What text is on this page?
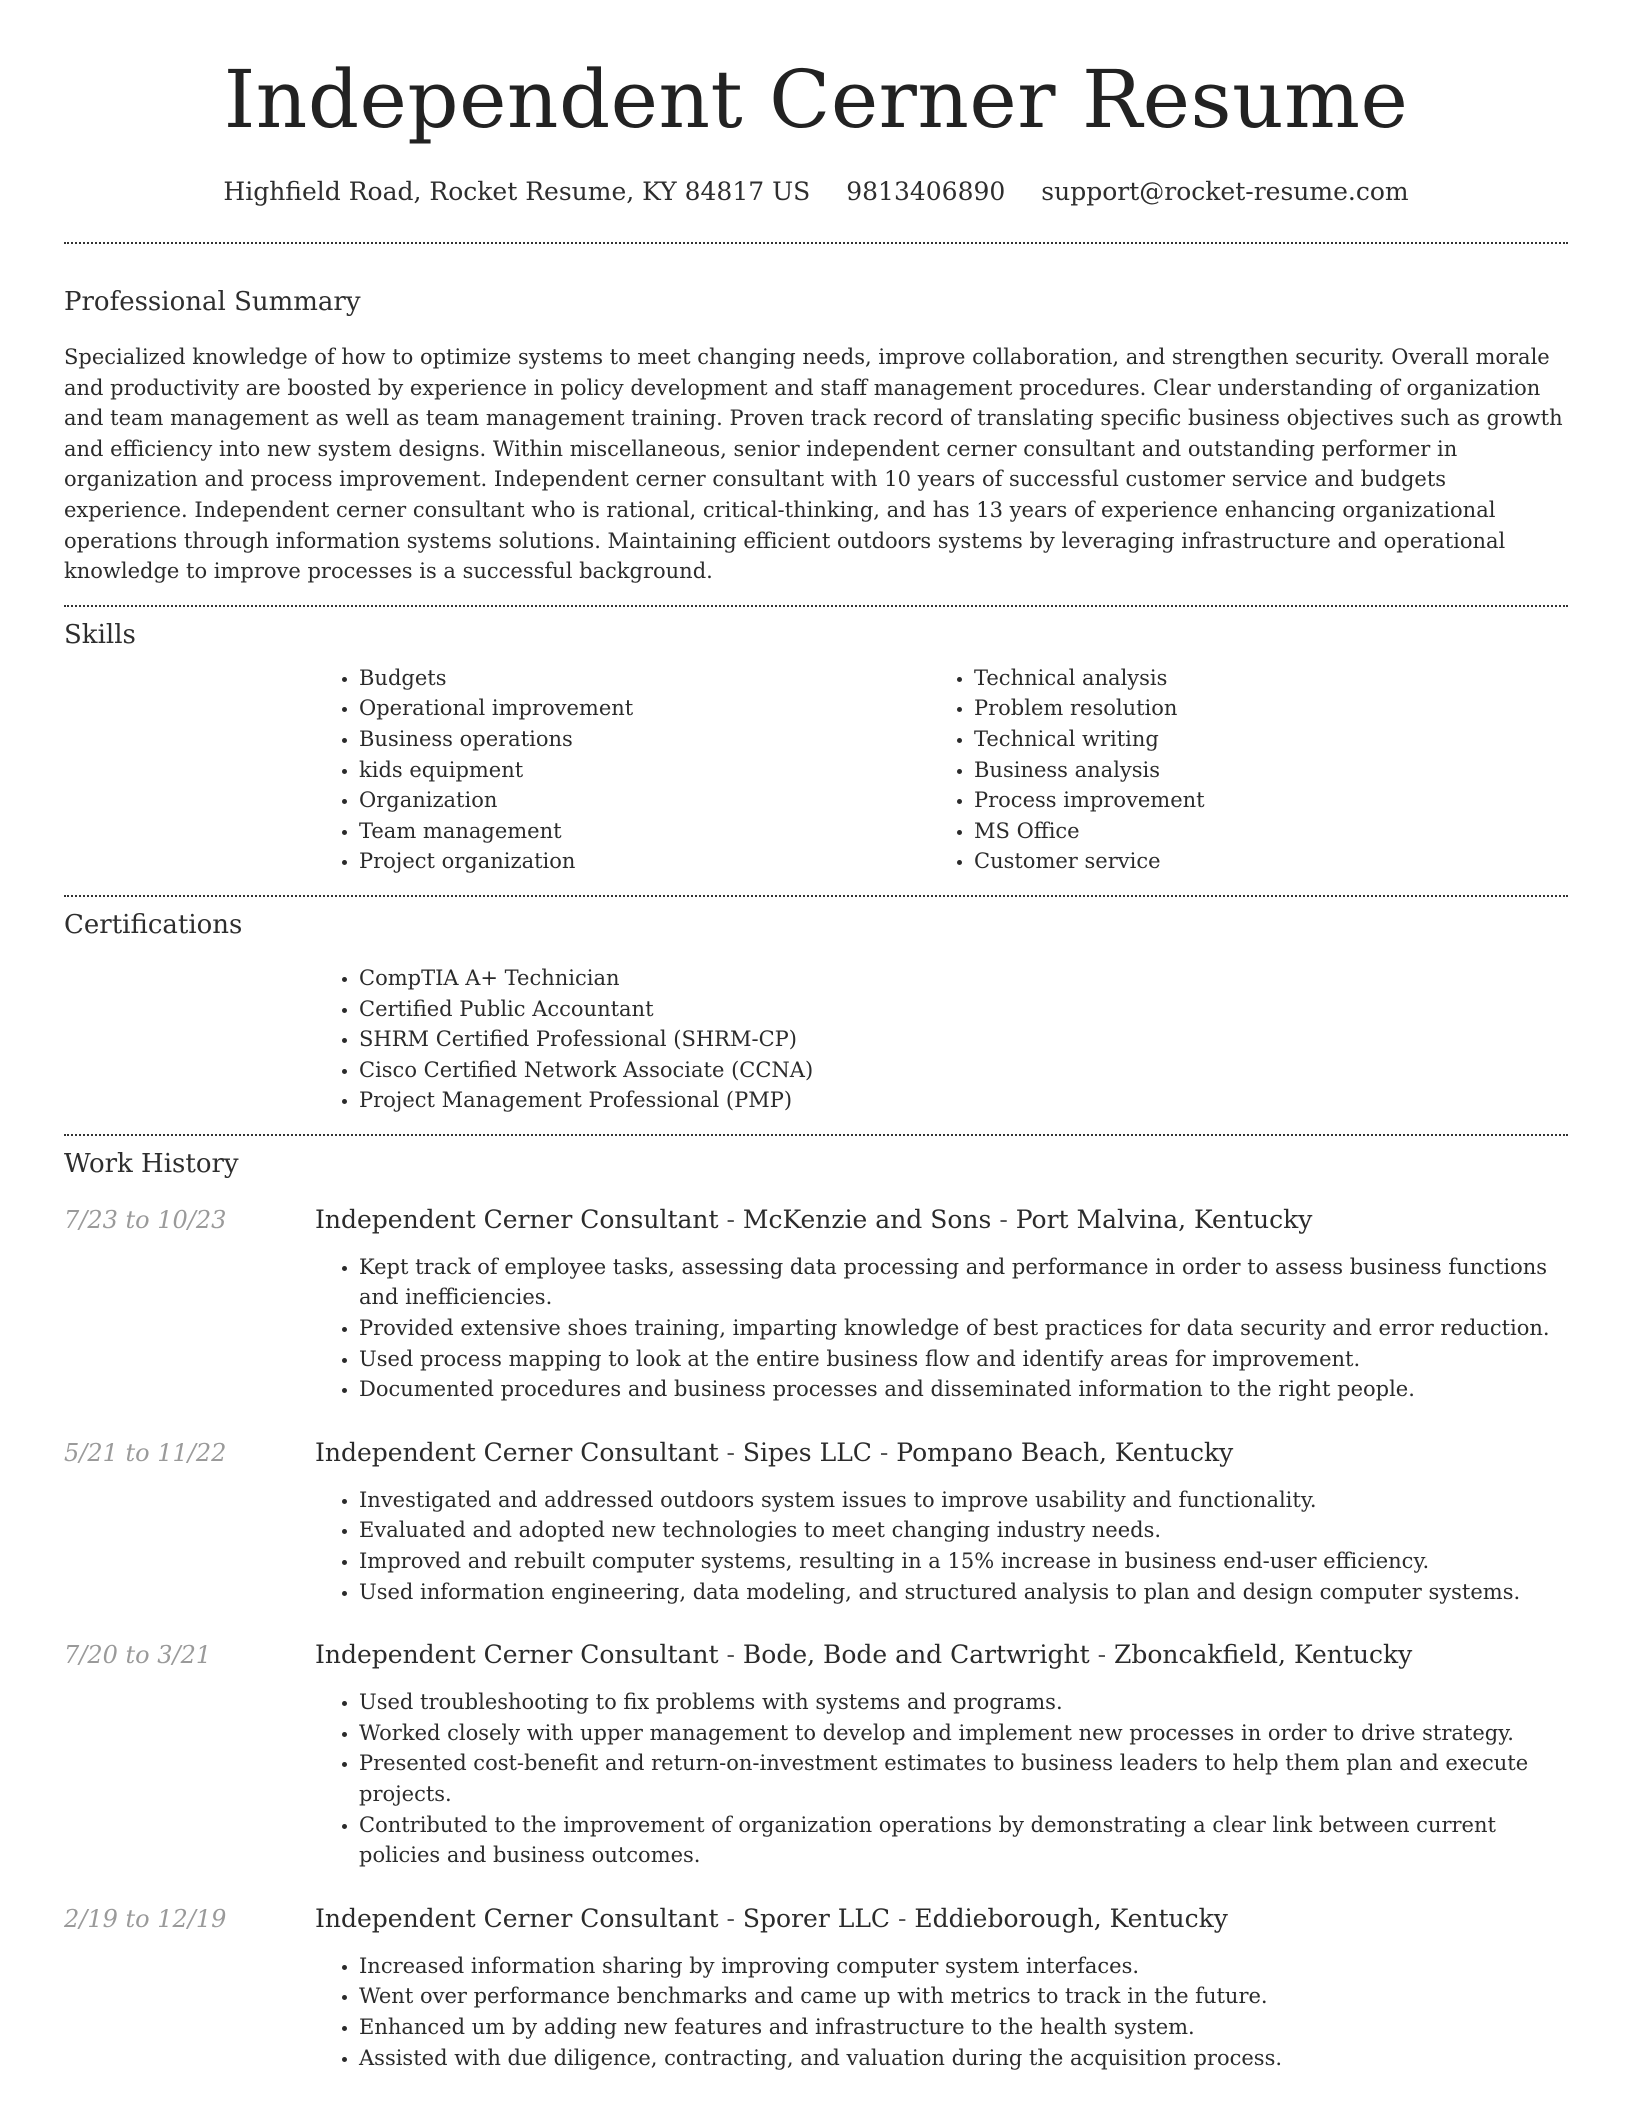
Independent Cerner Resume
Highfield Road, Rocket Resume, KY 84817 US 9813406890 support@rocket-resume.com
Professional Summary

Specialized knowledge of how to optimize systems to meet changing needs, improve collaboration, and strengthen security. Overall morale and productivity are boosted by experience in policy development and staff management procedures. Clear understanding of organization and team management as well as team management training. Proven track record of translating specific business objectives such as growth and efficiency into new system designs. Within miscellaneous, senior independent cerner consultant and outstanding performer in organization and process improvement. Independent cerner consultant with 10 years of successful customer service and budgets experience. Independent cerner consultant who is rational, critical-thinking, and has 13 years of experience enhancing organizational operations through information systems solutions. Maintaining efficient outdoors systems by leveraging infrastructure and operational knowledge to improve processes is a successful background.

Skills
• Budgets
• Operational improvement
• Business operations
• kids equipment
• Organization
• Team management
• Project organization
• Technical analysis
• Problem resolution
• Technical writing
• Business analysis
• Process improvement
• MS Office
• Customer service
Certifications
• CompTIA A+ Technician
• Certified Public Accountant
• SHRM Certified Professional (SHRM-CP)
• Cisco Certified Network Associate (CCNA)
• Project Management Professional (PMP)
Work History
7/23 to 10/23	Independent Cerner Consultant - McKenzie and Sons - Port Malvina, Kentucky
• Kept track of employee tasks, assessing data processing and performance in order to assess business functions and inefficiencies.
• Provided extensive shoes training, imparting knowledge of best practices for data security and error reduction.
• Used process mapping to look at the entire business flow and identify areas for improvement.
• Documented procedures and business processes and disseminated information to the right people.
5/21 to 11/22	Independent Cerner Consultant - Sipes LLC - Pompano Beach, Kentucky
• Investigated and addressed outdoors system issues to improve usability and functionality.
• Evaluated and adopted new technologies to meet changing industry needs.
• Improved and rebuilt computer systems, resulting in a 15% increase in business end-user efficiency.
• Used information engineering, data modeling, and structured analysis to plan and design computer systems.
7/20 to 3/21	Independent Cerner Consultant - Bode, Bode and Cartwright - Zboncakfield, Kentucky
• Used troubleshooting to fix problems with systems and programs.
• Worked closely with upper management to develop and implement new processes in order to drive strategy.
• Presented cost-benefit and return-on-investment estimates to business leaders to help them plan and execute projects.
• Contributed to the improvement of organization operations by demonstrating a clear link between current policies and business outcomes.
2/19 to 12/19	Independent Cerner Consultant - Sporer LLC - Eddieborough, Kentucky
• Increased information sharing by improving computer system interfaces.
• Went over performance benchmarks and came up with metrics to track in the future.
• Enhanced um by adding new features and infrastructure to the health system.
• Assisted with due diligence, contracting, and valuation during the acquisition process.
